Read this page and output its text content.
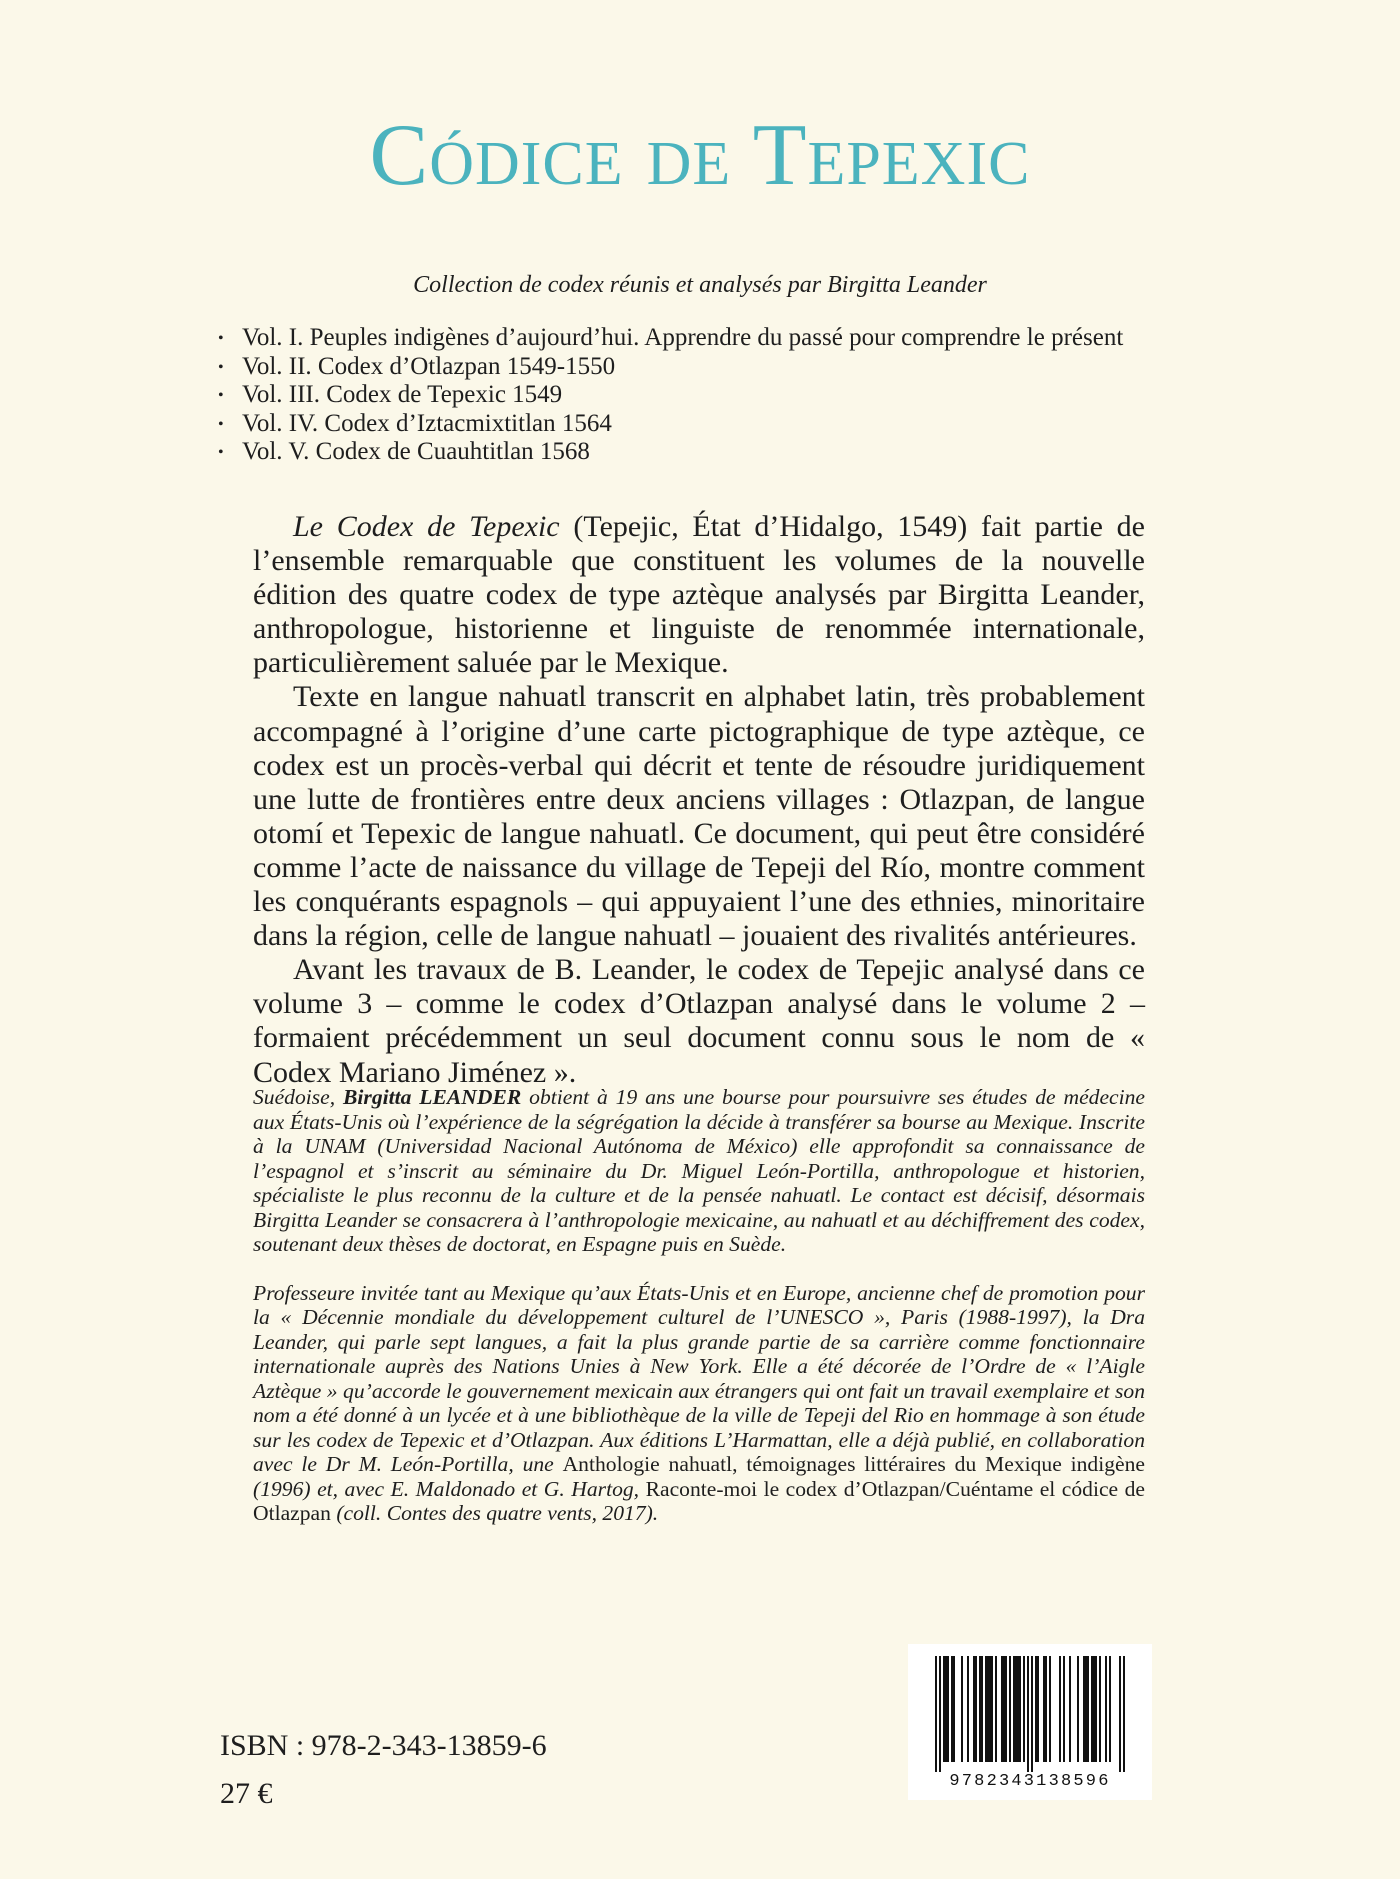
Códice de Tepexic
Collection de codex réunis et analysés par Birgitta Leander
• Vol. I. Peuples indigènes d’aujourd’hui. Apprendre du passé pour comprendre le présent
• Vol. II. Codex d’Otlazpan 1549-1550
• Vol. III. Codex de Tepexic 1549
• Vol. IV. Codex d’Iztacmixtitlan 1564
• Vol. V. Codex de Cuauhtitlan 1568

Le Codex de Tepexic (Tepejic, État d’Hidalgo, 1549) fait partie de l’ensemble remarquable que constituent les volumes de la nouvelle édition des quatre codex de type aztèque analysés par Birgitta Leander, anthropologue, historienne et linguiste de renommée internationale, particulièrement saluée par le Mexique.

Texte en langue nahuatl transcrit en alphabet latin, très probablement accompagné à l’origine d’une carte pictographique de type aztèque, ce codex est un procès-verbal qui décrit et tente de résoudre juridiquement une lutte de frontières entre deux anciens villages : Otlazpan, de langue otomí et Tepexic de langue nahuatl. Ce document, qui peut être considéré comme l’acte de naissance du village de Tepeji del Río, montre comment les conquérants espagnols – qui appuyaient l’une des ethnies, minoritaire dans la région, celle de langue nahuatl – jouaient des rivalités antérieures.

Avant les travaux de B. Leander, le codex de Tepejic analysé dans ce volume 3 – comme le codex d’Otlazpan analysé dans le volume 2 – formaient précédemment un seul document connu sous le nom de « Codex Mariano Jiménez ».

Suédoise, Birgitta LEANDER obtient à 19 ans une bourse pour poursuivre ses études de médecine aux États-Unis où l’expérience de la ségrégation la décide à transférer sa bourse au Mexique. Inscrite à la UNAM (Universidad Nacional Autónoma de México) elle approfondit sa connaissance de l’espagnol et s’inscrit au séminaire du Dr. Miguel León-Portilla, anthropologue et historien, spécialiste le plus reconnu de la culture et de la pensée nahuatl. Le contact est décisif, désormais Birgitta Leander se consacrera à l’anthropologie mexicaine, au nahuatl et au déchiffrement des codex, soutenant deux thèses de doctorat, en Espagne puis en Suède.

Professeure invitée tant au Mexique qu’aux États-Unis et en Europe, ancienne chef de promotion pour la « Décennie mondiale du développement culturel de l’UNESCO », Paris (1988-1997), la Dra Leander, qui parle sept langues, a fait la plus grande partie de sa carrière comme fonctionnaire internationale auprès des Nations Unies à New York. Elle a été décorée de l’Ordre de « l’Aigle Aztèque » qu’accorde le gouvernement mexicain aux étrangers qui ont fait un travail exemplaire et son nom a été donné à un lycée et à une bibliothèque de la ville de Tepeji del Rio en hommage à son étude sur les codex de Tepexic et d’Otlazpan. Aux éditions L’Harmattan, elle a déjà publié, en collaboration avec le Dr M. León-Portilla, une Anthologie nahuatl, témoignages littéraires du Mexique indigène (1996) et, avec E. Maldonado et G. Hartog, Raconte-moi le codex d’Otlazpan/Cuéntame el códice de Otlazpan (coll. Contes des quatre vents, 2017).

ISBN : 978-2-343-13859-6
27 €	9782343138596
